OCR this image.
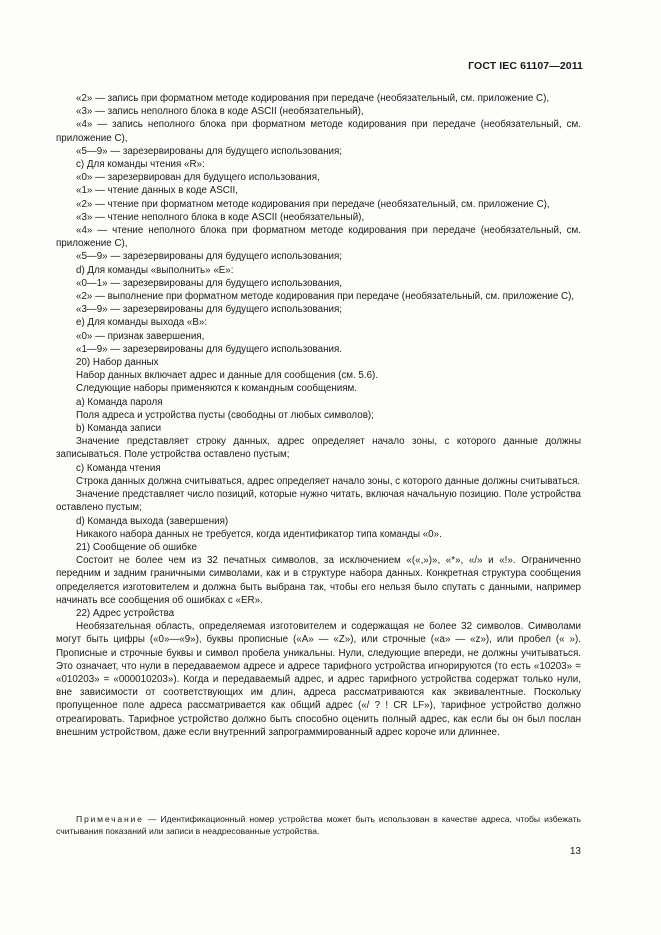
ГОСТ IEC 61107—2011

«2» — запись при форматном методе кодирования при передаче (необязательный, см. приложение С),

«3» — запись неполного блока в коде ASCII (необязательный),

«4» — запись неполного блока при форматном методе кодирования при передаче (необязательный, см. приложение С),

«5—9» — зарезервированы для будущего использования;

с) Для команды чтения «R»:

«0» — зарезервирован для будущего использования,

«1» — чтение данных в коде ASCII,

«2» — чтение при форматном методе кодирования при передаче (необязательный, см. приложение С),

«3» — чтение неполного блока в коде ASCII (необязательный),

«4» — чтение неполного блока при форматном методе кодирования при передаче (необязательный, см. приложение С),

«5—9» — зарезервированы для будущего использования;

d) Для команды «выполнить» «Е»:

«0—1» — зарезервированы для будущего использования,

«2» — выполнение при форматном методе кодирования при передаче (необязательный, см. приложение С),

«3—9» — зарезервированы для будущего использования;

е) Для команды выхода «В»:

«0» — признак завершения,

«1—9» — зарезервированы для будущего использования.

20) Набор данных

Набор данных включает адрес и данные для сообщения (см. 5.6).

Следующие наборы применяются к командным сообщениям.

а) Команда пароля

Поля адреса и устройства пусты (свободны от любых символов);

b) Команда записи

Значение представляет строку данных, адрес определяет начало зоны, с которого данные должны записываться. Поле устройства оставлено пустым;

с) Команда чтения

Строка данных должна считываться, адрес определяет начало зоны, с которого данные должны считываться.

Значение представляет число позиций, которые нужно читать, включая начальную позицию. Поле устройства оставлено пустым;

d) Команда выхода (завершения)

Никакого набора данных не требуется, когда идентификатор типа команды «0».

21) Сообщение об ошибке

Состоит не более чем из 32 печатных символов, за исключением «(«,»)», «*», «/» и «!». Ограниченно передним и задним граничными символами, как и в структуре набора данных. Конкретная структура сообщения определяется изготовителем и должна быть выбрана так, чтобы его нельзя было спутать с данными, например начинать все сообщения об ошибках с «ER».

22) Адрес устройства

Необязательная область, определяемая изготовителем и содержащая не более 32 символов. Символами могут быть цифры («0»—«9»), буквы прописные («А» — «Z»), или строчные («а» — «z»), или пробел (« »). Прописные и строчные буквы и символ пробела уникальны. Нули, следующие впереди, не должны учитываться. Это означает, что нули в передаваемом адресе и адресе тарифного устройства игнорируются (то есть «10203» = «010203» = «000010203»). Когда и передаваемый адрес, и адрес тарифного устройства содержат только нули, вне зависимости от соответствующих им длин, адреса рассматриваются как эквивалентные. Поскольку пропущенное поле адреса рассматривается как общий адрес («/ ? ! CR LF»), тарифное устройство должно отреагировать. Тарифное устройство должно быть способно оценить полный адрес, как если бы он был послан внешним устройством, даже если внутренний запрограммированный адрес короче или длиннее.

Примечание — Идентификационный номер устройства может быть использован в качестве адреса, чтобы избежать считывания показаний или записи в неадресованные устройства.

13
